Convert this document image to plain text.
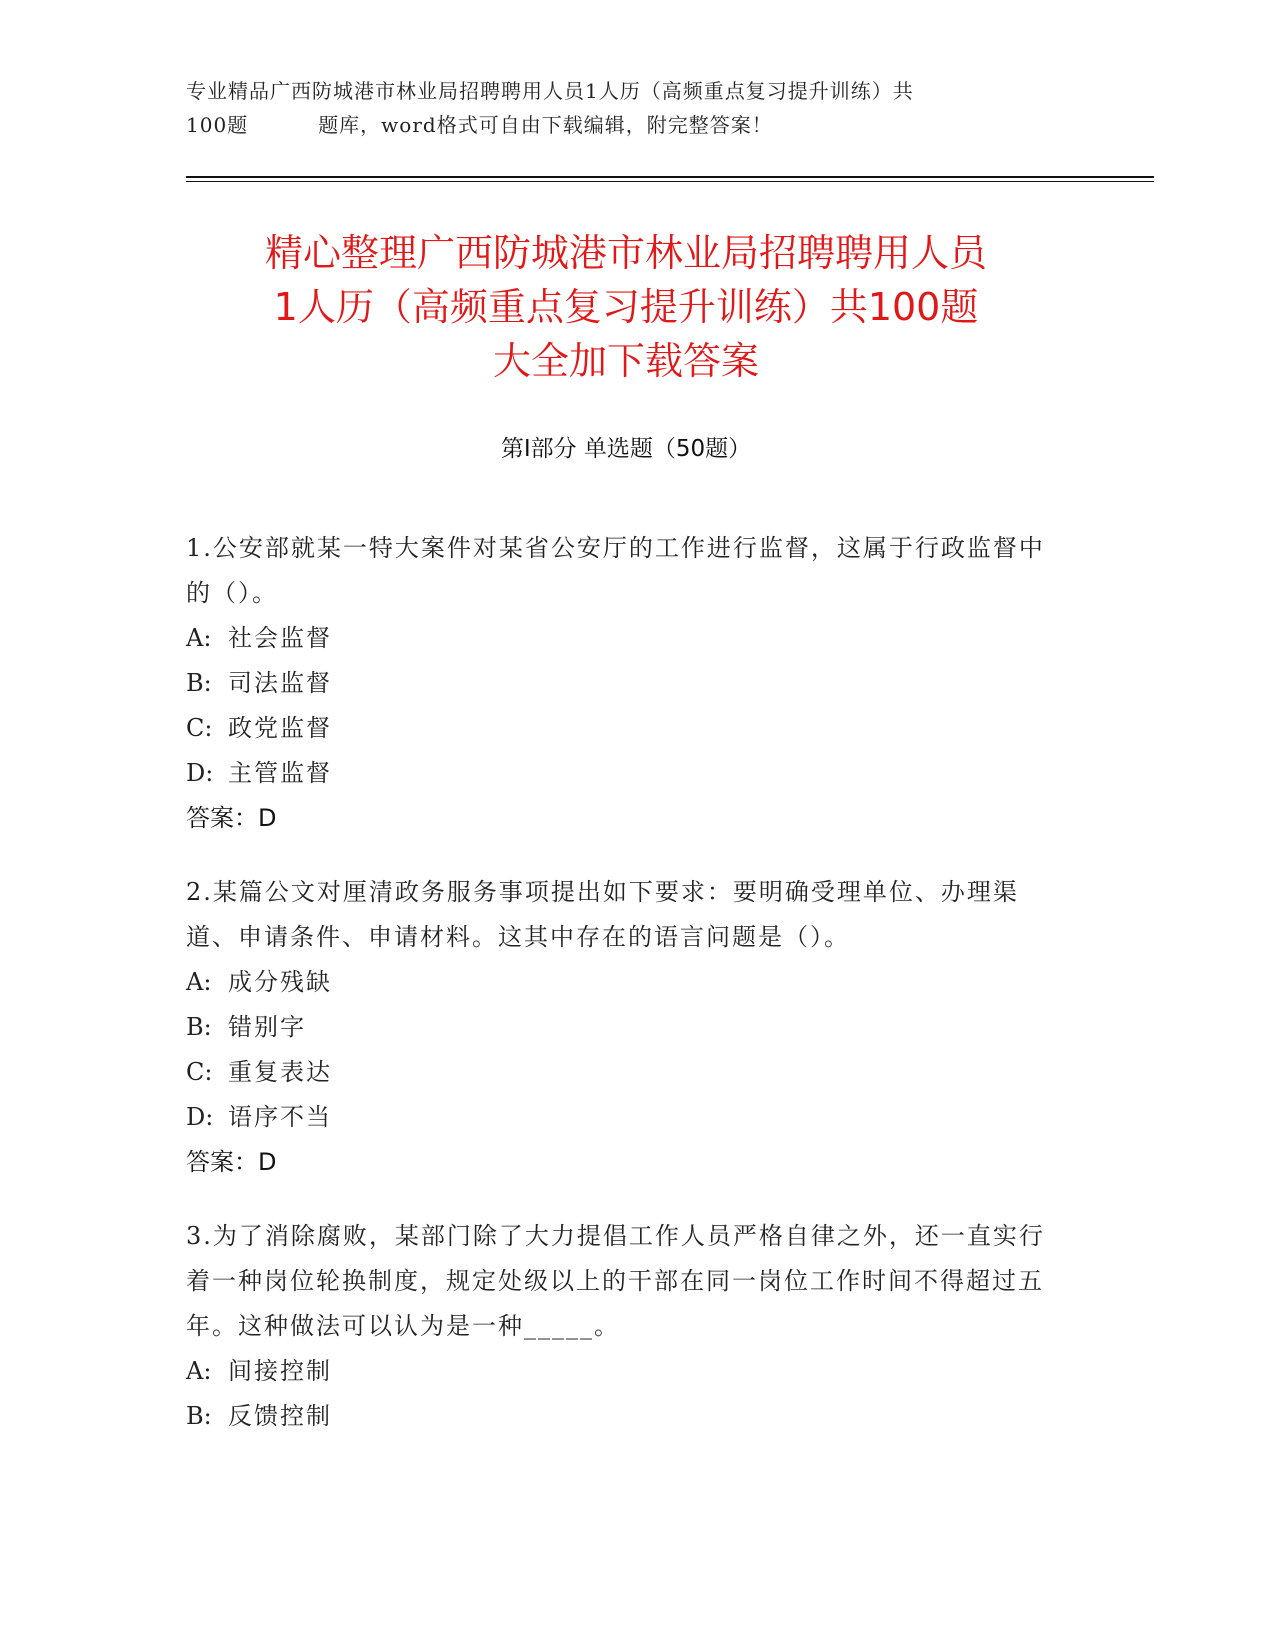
专业精品广西防城港市林业局招聘聘用人员1人历（高频重点复习提升训练）共
100题	题库，word格式可自由下载编辑，附完整答案！
精心整理广西防城港市林业局招聘聘用人员
1人历（高频重点复习提升训练）共100题
大全加下载答案
第Ⅰ部分 单选题（50题）

1.公安部就某一特大案件对某省公安厅的工作进行监督，这属于行政监督中的（）。

A: 社会监督
B: 司法监督
C: 政党监督
D: 主管监督
答案：D

2.某篇公文对厘清政务服务事项提出如下要求：要明确受理单位、办理渠道、申请条件、申请材料。这其中存在的语言问题是（）。

A: 成分残缺
B: 错别字
C: 重复表达
D: 语序不当
答案：D

3.为了消除腐败，某部门除了大力提倡工作人员严格自律之外，还一直实行着一种岗位轮换制度，规定处级以上的干部在同一岗位工作时间不得超过五年。这种做法可以认为是一种_____。

A: 间接控制
B: 反馈控制
